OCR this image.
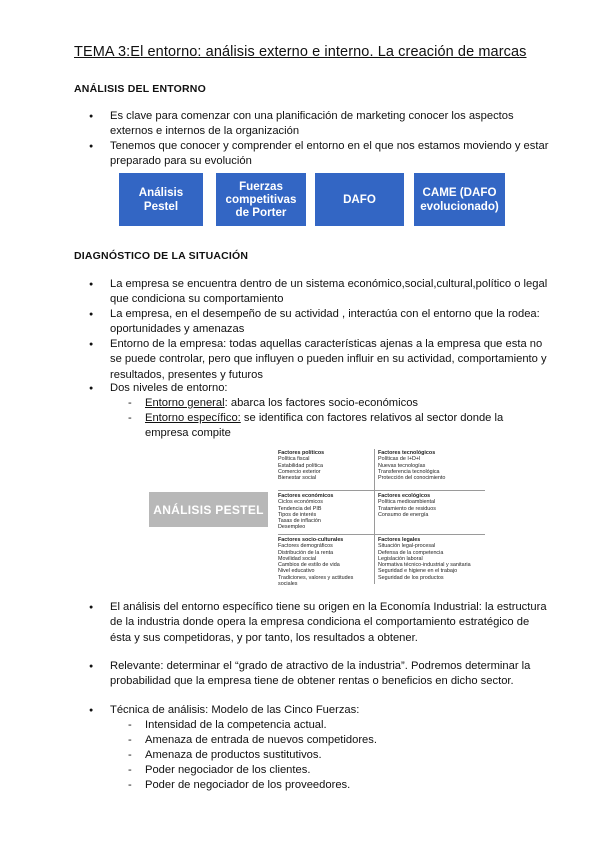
TEMA 3:El entorno: análisis externo e interno. La creación de marcas
ANÁLISIS DEL ENTORNO
● Es clave para comenzar con una planificación de marketing conocer los aspectos externos e internos de la organización
● Tenemos que conocer y comprender el entorno en el que nos estamos moviendo y estar preparado para su evolución
Análisis Pestel
Fuerzas competitivas de Porter
DAFO
CAME (DAFO evolucionado)
DIAGNÓSTICO DE LA SITUACIÓN
● La empresa se encuentra dentro de un sistema económico,social,cultural,político o legal que condiciona su comportamiento
● La empresa, en el desempeño de su actividad , interactúa con el entorno que la rodea: oportunidades y amenazas
● Entorno de la empresa: todas aquellas características ajenas a la empresa que esta no se puede controlar, pero que influyen o pueden influir en su actividad, comportamiento y resultados, presentes y futuros
● Dos niveles de entorno:
- Entorno general: abarca los factores socio-económicos
- Entorno específico: se identifica con factores relativos al sector donde la empresa compite
ANÁLISIS PESTEL
Factores políticos
Política fiscal
Estabilidad política
Comercio exterior
Bienestar social
Factores tecnológicos
Políticas de I+D+I
Nuevas tecnologías
Transferencia tecnológica
Protección del conocimiento
Factores económicos
Ciclos económicos
Tendencia del PIB
Tipos de interés
Tasas de inflación
Desempleo
Factores ecológicos
Política medioambiental
Tratamiento de residuos
Consumo de energía
Factores socio-culturales
Factores demográficos
Distribución de la renta
Movilidad social
Cambios de estilo de vida
Nivel educativo
Tradiciones, valores y actitudes sociales
Factores legales
Situación legal-procesal
Defensa de la competencia
Legislación laboral
Normativa técnico-industrial y sanitaria
Seguridad e higiene en el trabajo
Seguridad de los productos
● El análisis del entorno específico tiene su origen en la Economía Industrial: la estructura de la industria donde opera la empresa condiciona el comportamiento estratégico de ésta y sus competidoras, y por tanto, los resultados a obtener.
● Relevante: determinar el “grado de atractivo de la industria”. Podremos determinar la probabilidad que la empresa tiene de obtener rentas o beneficios en dicho sector.
● Técnica de análisis: Modelo de las Cinco Fuerzas:
- Intensidad de la competencia actual.
- Amenaza de entrada de nuevos competidores.
- Amenaza de productos sustitutivos.
- Poder negociador de los clientes.
- Poder de negociador de los proveedores.
